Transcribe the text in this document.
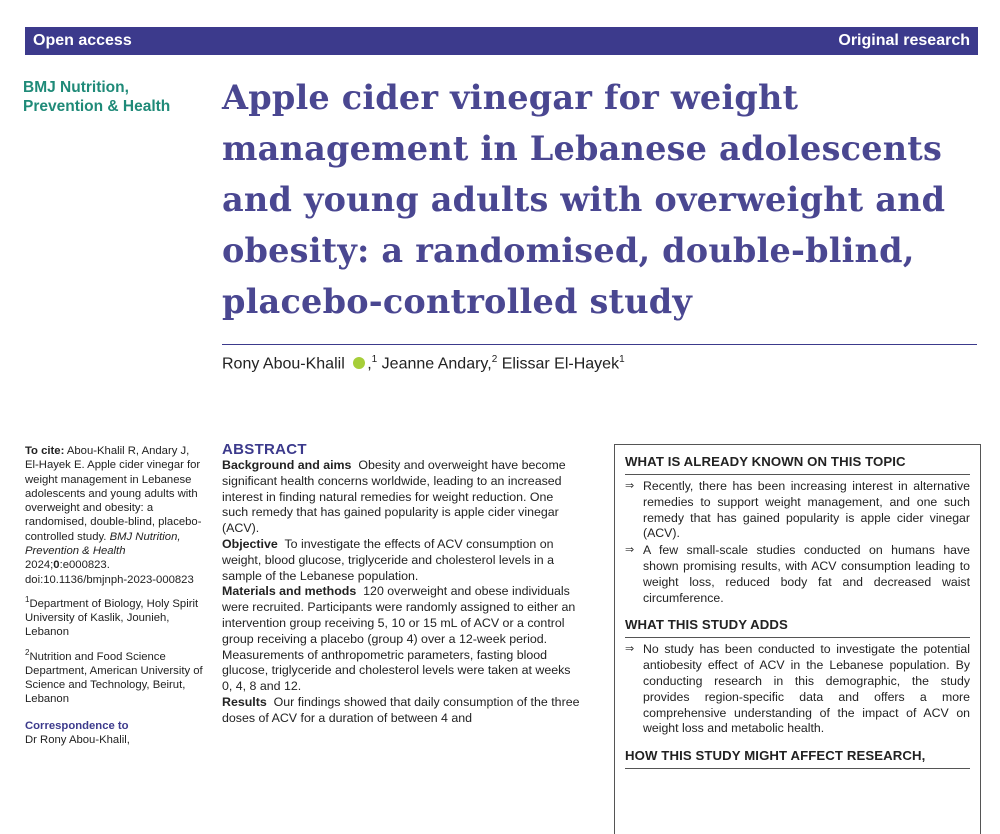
Open access	Original research
BMJ Nutrition,
Prevention & Health	Apple cider vinegar for weight management in Lebanese adolescents and young adults with overweight and obesity: a randomised, double-blind, placebo-controlled study
Rony Abou-Khalil ,$^1$ Jeanne Andary,$^2$ Elissar El-Hayek$^1$

To cite: Abou-Khalil R, Andary J, El-Hayek E. Apple cider vinegar for weight management in Lebanese adolescents and young adults with overweight and obesity: a randomised, double-blind, placebo-controlled study. BMJ Nutrition, Prevention & Health 2024;0:e000823. doi:10.1136/bmjnph-2023-000823

$^1$Department of Biology, Holy Spirit University of Kaslik, Jounieh, Lebanon

$^2$Nutrition and Food Science Department, American University of Science and Technology, Beirut, Lebanon

Correspondence to

Dr Rony Abou-Khalil,

ABSTRACT

Background and aims Obesity and overweight have become significant health concerns worldwide, leading to an increased interest in finding natural remedies for weight reduction. One such remedy that has gained popularity is apple cider vinegar (ACV).

Objective To investigate the effects of ACV consumption on weight, blood glucose, triglyceride and cholesterol levels in a sample of the Lebanese population.

Materials and methods 120 overweight and obese individuals were recruited. Participants were randomly assigned to either an intervention group receiving 5, 10 or 15 mL of ACV or a control group receiving a placebo (group 4) over a 12-week period. Measurements of anthropometric parameters, fasting blood glucose, triglyceride and cholesterol levels were taken at weeks 0, 4, 8 and 12.

Results Our findings showed that daily consumption of the three doses of ACV for a duration of between 4 and

WHAT IS ALREADY KNOWN ON THIS TOPIC
⇒ Recently, there has been increasing interest in alternative remedies to support weight management, and one such remedy that has gained popularity is apple cider vinegar (ACV).
⇒ A few small-scale studies conducted on humans have shown promising results, with ACV consumption leading to weight loss, reduced body fat and decreased waist circumference.
WHAT THIS STUDY ADDS
⇒ No study has been conducted to investigate the potential antiobesity effect of ACV in the Lebanese population. By conducting research in this demographic, the study provides region-specific data and offers a more comprehensive understanding of the impact of ACV on weight loss and metabolic health.
HOW THIS STUDY MIGHT AFFECT RESEARCH,
